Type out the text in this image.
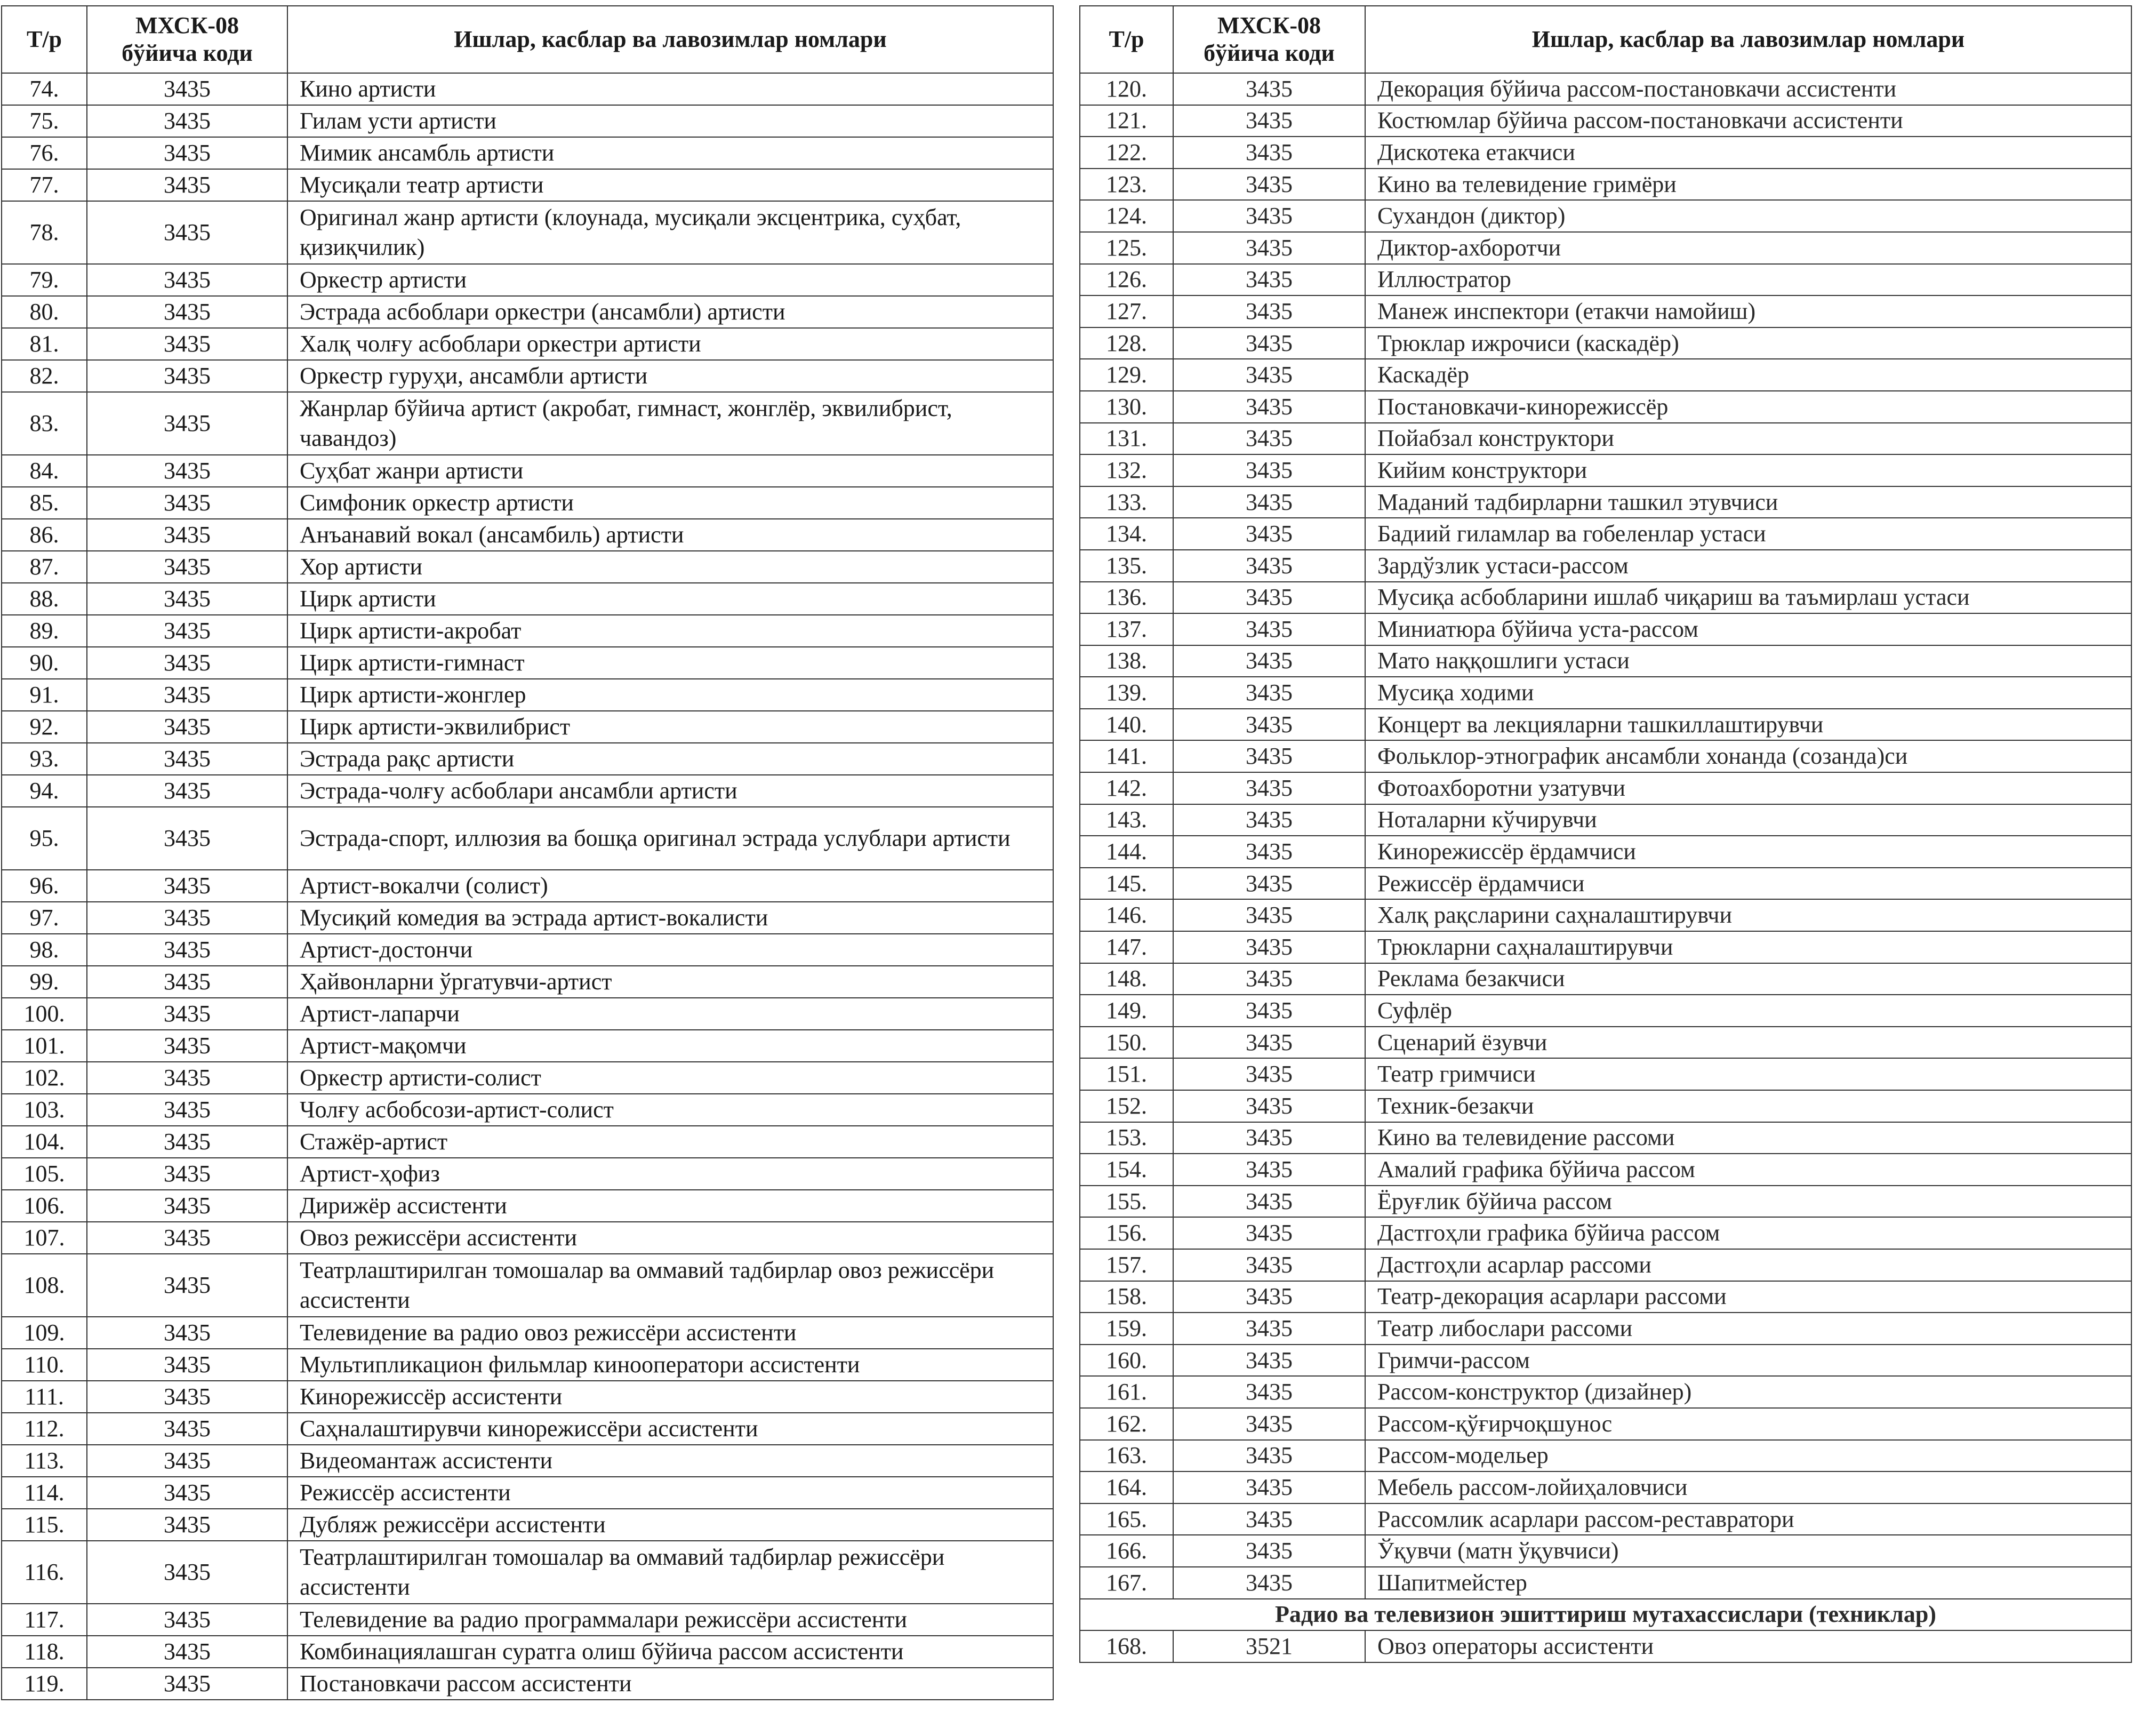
Т/р	МХСК-08 бўйича коди	Ишлар, касблар ва лавозимлар номлари
74.	3435	Кино артисти
75.	3435	Гилам усти артисти
76.	3435	Мимик ансамбль артисти
77.	3435	Мусиқали театр артисти
78.	3435	Оригинал жанр артисти (клоунада, мусиқали эксцентрика, суҳбат, қизиқчилик)
79.	3435	Оркестр артисти
80.	3435	Эстрада асбоблари оркестри (ансамбли) артисти
81.	3435	Халқ чолғу асбоблари оркестри артисти
82.	3435	Оркестр гуруҳи, ансамбли артисти
83.	3435	Жанрлар бўйича артист (акробат, гимнаст, жонглёр, эквилибрист, чавандоз)
84.	3435	Суҳбат жанри артисти
85.	3435	Симфоник оркестр артисти
86.	3435	Анъанавий вокал (ансамбиль) артисти
87.	3435	Хор артисти
88.	3435	Цирк артисти
89.	3435	Цирк артисти-акробат
90.	3435	Цирк артисти-гимнаст
91.	3435	Цирк артисти-жонглер
92.	3435	Цирк артисти-эквилибрист
93.	3435	Эстрада рақс артисти
94.	3435	Эстрада-чолғу асбоблари ансамбли артисти
95.	3435	Эстрада-спорт, иллюзия ва бошқа оригинал эстрада услублари артисти
96.	3435	Артист-вокалчи (солист)
97.	3435	Мусиқий комедия ва эстрада артист-вокалисти
98.	3435	Артист-достончи
99.	3435	Ҳайвонларни ўргатувчи-артист
100.	3435	Артист-лапарчи
101.	3435	Артист-мақомчи
102.	3435	Оркестр артисти-солист
103.	3435	Чолғу асбобсози-артист-солист
104.	3435	Стажёр-артист
105.	3435	Артист-ҳофиз
106.	3435	Дирижёр ассистенти
107.	3435	Овоз режиссёри ассистенти
108.	3435	Театрлаштирилган томошалар ва оммавий тадбирлар овоз режиссёри ассистенти
109.	3435	Телевидение ва радио овоз режиссёри ассистенти
110.	3435	Мультипликацион фильмлар кинооператори ассистенти
111.	3435	Кинорежиссёр ассистенти
112.	3435	Саҳналаштирувчи кинорежиссёри ассистенти
113.	3435	Видеомантаж ассистенти
114.	3435	Режиссёр ассистенти
115.	3435	Дубляж режиссёри ассистенти
116.	3435	Театрлаштирилган томошалар ва оммавий тадбирлар режиссёри ассистенти
117.	3435	Телевидение ва радио программалари режиссёри ассистенти
118.	3435	Комбинациялашган суратга олиш бўйича рассом ассистенти
119.	3435	Постановкачи рассом ассистенти
Т/р	МХСК-08 бўйича коди	Ишлар, касблар ва лавозимлар номлари
120.	3435	Декорация бўйича рассом-постановкачи ассистенти
121.	3435	Костюмлар бўйича рассом-постановкачи ассистенти
122.	3435	Дискотека етакчиси
123.	3435	Кино ва телевидение гримёри
124.	3435	Сухандон (диктор)
125.	3435	Диктор-ахборотчи
126.	3435	Иллюстратор
127.	3435	Манеж инспектори (етакчи намойиш)
128.	3435	Трюклар ижрочиси (каскадёр)
129.	3435	Каскадёр
130.	3435	Постановкачи-кинорежиссёр
131.	3435	Пойабзал конструктори
132.	3435	Кийим конструктори
133.	3435	Маданий тадбирларни ташкил этувчиси
134.	3435	Бадиий гиламлар ва гобеленлар устаси
135.	3435	Зардўзлик устаси-рассом
136.	3435	Мусиқа асбобларини ишлаб чиқариш ва таъмирлаш устаси
137.	3435	Миниатюра бўйича уста-рассом
138.	3435	Мато наққошлиги устаси
139.	3435	Мусиқа ходими
140.	3435	Концерт ва лекцияларни ташкиллаштирувчи
141.	3435	Фольклор-этнографик ансамбли хонанда (созанда)си
142.	3435	Фотоахборотни узатувчи
143.	3435	Ноталарни кўчирувчи
144.	3435	Кинорежиссёр ёрдамчиси
145.	3435	Режиссёр ёрдамчиси
146.	3435	Халқ рақсларини саҳналаштирувчи
147.	3435	Трюкларни саҳналаштирувчи
148.	3435	Реклама безакчиси
149.	3435	Суфлёр
150.	3435	Сценарий ёзувчи
151.	3435	Театр гримчиси
152.	3435	Техник-безакчи
153.	3435	Кино ва телевидение рассоми
154.	3435	Амалий графика бўйича рассом
155.	3435	Ёруғлик бўйича рассом
156.	3435	Дастгоҳли графика бўйича рассом
157.	3435	Дастгоҳли асарлар рассоми
158.	3435	Театр-декорация асарлари рассоми
159.	3435	Театр либослари рассоми
160.	3435	Гримчи-рассом
161.	3435	Рассом-конструктор (дизайнер)
162.	3435	Рассом-қўғирчоқшунос
163.	3435	Рассом-модельер
164.	3435	Мебель рассом-лойиҳаловчиси
165.	3435	Рассомлик асарлари рассом-реставратори
166.	3435	Ўқувчи (матн ўқувчиси)
167.	3435	Шапитмейстер
Радио ва телевизион эшиттириш мутахассислари (техниклар)		
168.	3521	Овоз операторы ассистенти
